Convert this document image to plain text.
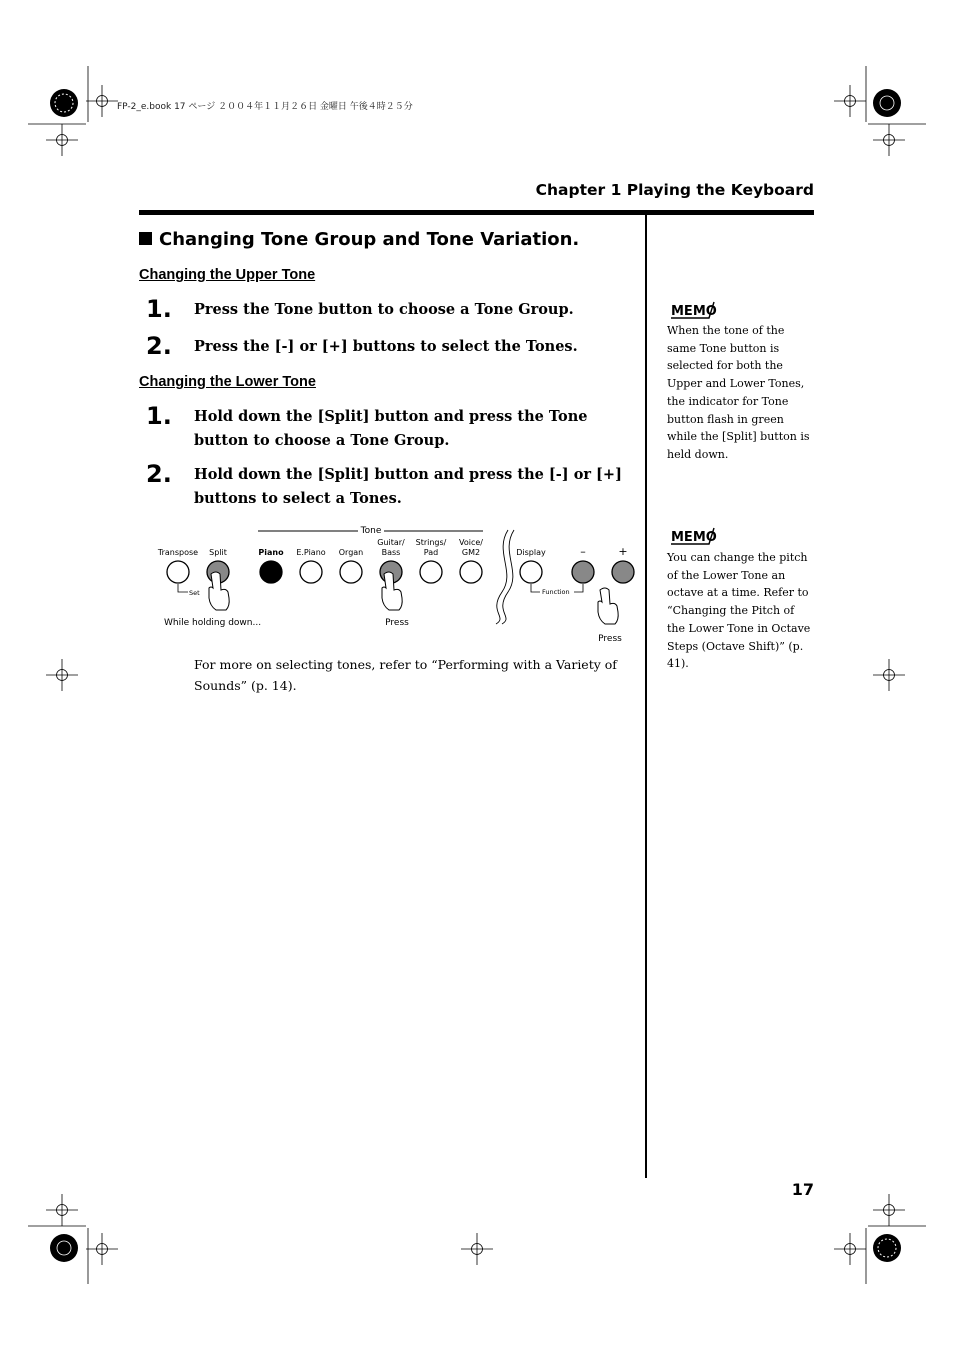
FP-2_e.book 17 ページ ２００４年１１月２６日 金曜日 午後４時２５分
Chapter 1 Playing the Keyboard
Changing Tone Group and Tone Variation.
Changing the Upper Tone
1. Press the Tone button to choose a Tone Group.
2. Press the [-] or [+] buttons to select the Tones.
Changing the Lower Tone
1. Hold down the [Split] button and press the Tone button to choose a Tone Group.
2. Hold down the [Split] button and press the [-] or [+] buttons to select a Tones.
Tone
Transpose Split	Piano E.Piano Organ
Guitar/
Bass
Strings/
Pad
Voice/
GM2	Display	–	+
Set	Function
While holding down...	Press
Press
For more on selecting tones, refer to “Performing with a Variety of Sounds” (p. 14).
MEMO
When the tone of the same Tone button is selected for both the Upper and Lower Tones, the indicator for Tone button flash in green while the [Split] button is held down.
MEMO
You can change the pitch of the Lower Tone an octave at a time. Refer to “Changing the Pitch of the Lower Tone in Octave Steps (Octave Shift)” (p. 41).
17
